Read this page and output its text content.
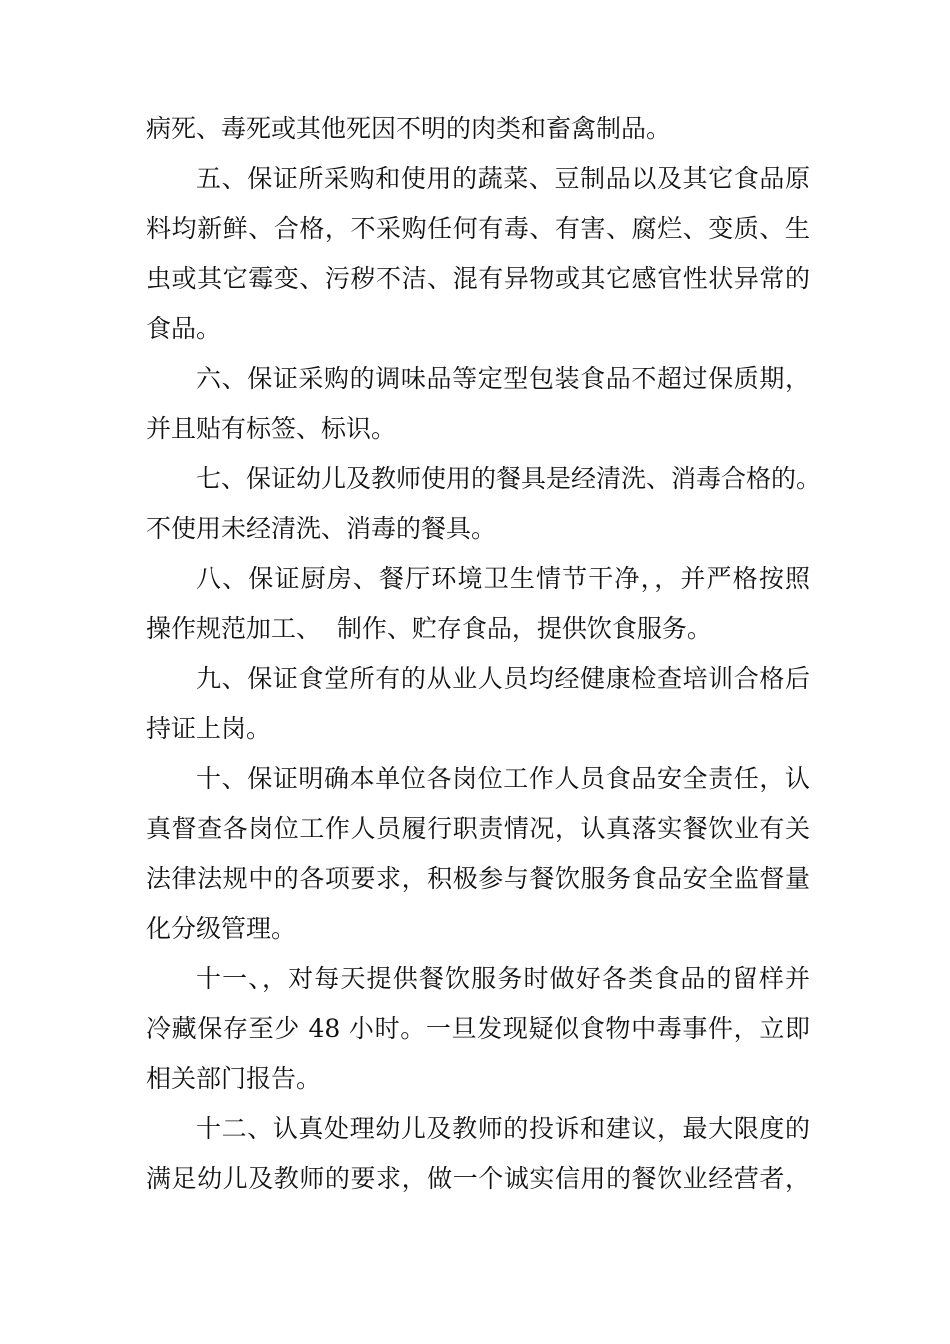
病死、毒死或其他死因不明的肉类和畜禽制品。
五、保证所采购和使用的蔬菜、豆制品以及其它食品原
料均新鲜、合格，不采购任何有毒、有害、腐烂、变质、生
虫或其它霉变、污秽不洁、混有异物或其它感官性状异常的
食品。
六、保证采购的调味品等定型包装食品不超过保质期，
并且贴有标签、标识。
七、保证幼儿及教师使用的餐具是经清洗、消毒合格的。
不使用未经清洗、消毒的餐具。
八、保证厨房、餐厅环境卫生情节干净，，并严格按照
操作规范加工、  制作、贮存食品，提供饮食服务。
九、保证食堂所有的从业人员均经健康检查培训合格后
持证上岗。
十、保证明确本单位各岗位工作人员食品安全责任，认
真督查各岗位工作人员履行职责情况，认真落实餐饮业有关
法律法规中的各项要求，积极参与餐饮服务食品安全监督量
化分级管理。
十一、，对每天提供餐饮服务时做好各类食品的留样并
冷藏保存至少 48 小时。一旦发现疑似食物中毒事件，立即
相关部门报告。
十二、认真处理幼儿及教师的投诉和建议，最大限度的
满足幼儿及教师的要求，做一个诚实信用的餐饮业经营者，
